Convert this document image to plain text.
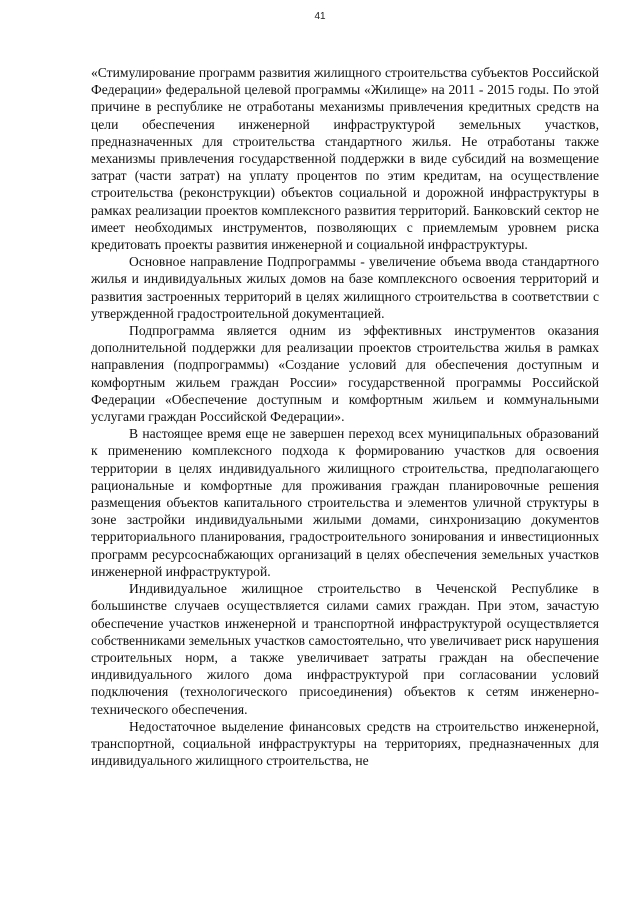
41

«Стимулирование программ развития жилищного строительства субъектов Российской Федерации» федеральной целевой программы «Жилище» на 2011 - 2015 годы. По этой причине в республике не отработаны механизмы привлечения кредитных средств на цели обеспечения инженерной инфраструктурой земельных участков, предназначенных для строительства стандартного жилья. Не отработаны также механизмы привлечения государственной поддержки в виде субсидий на возмещение затрат (части затрат) на уплату процентов по этим кредитам, на осуществление строительства (реконструкции) объектов социальной и дорожной инфраструктуры в рамках реализации проектов комплексного развития территорий. Банковский сектор не имеет необходимых инструментов, позволяющих с приемлемым уровнем риска кредитовать проекты развития инженерной и социальной инфраструктуры.

Основное направление Подпрограммы - увеличение объема ввода стандартного жилья и индивидуальных жилых домов на базе комплексного освоения территорий и развития застроенных территорий в целях жилищного строительства в соответствии с утвержденной градостроительной документацией.

Подпрограмма является одним из эффективных инструментов оказания дополнительной поддержки для реализации проектов строительства жилья в рамках направления (подпрограммы) «Создание условий для обеспечения доступным и комфортным жильем граждан России» государственной программы Российской Федерации «Обеспечение доступным и комфортным жильем и коммунальными услугами граждан Российской Федерации».

В настоящее время еще не завершен переход всех муниципальных образований к применению комплексного подхода к формированию участков для освоения территории в целях индивидуального жилищного строительства, предполагающего рациональные и комфортные для проживания граждан планировочные решения размещения объектов капитального строительства и элементов уличной структуры в зоне застройки индивидуальными жилыми домами, синхронизацию документов территориального планирования, градостроительного зонирования и инвестиционных программ ресурсоснабжающих организаций в целях обеспечения земельных участков инженерной инфраструктурой.

Индивидуальное жилищное строительство в Чеченской Республике в большинстве случаев осуществляется силами самих граждан. При этом, зачастую обеспечение участков инженерной и транспортной инфраструктурой осуществляется собственниками земельных участков самостоятельно, что увеличивает риск нарушения строительных норм, а также увеличивает затраты граждан на обеспечение индивидуального жилого дома инфраструктурой при согласовании условий подключения (технологического присоединения) объектов к сетям инженерно-технического обеспечения.

Недостаточное выделение финансовых средств на строительство инженерной, транспортной, социальной инфраструктуры на территориях, предназначенных для индивидуального жилищного строительства, не
